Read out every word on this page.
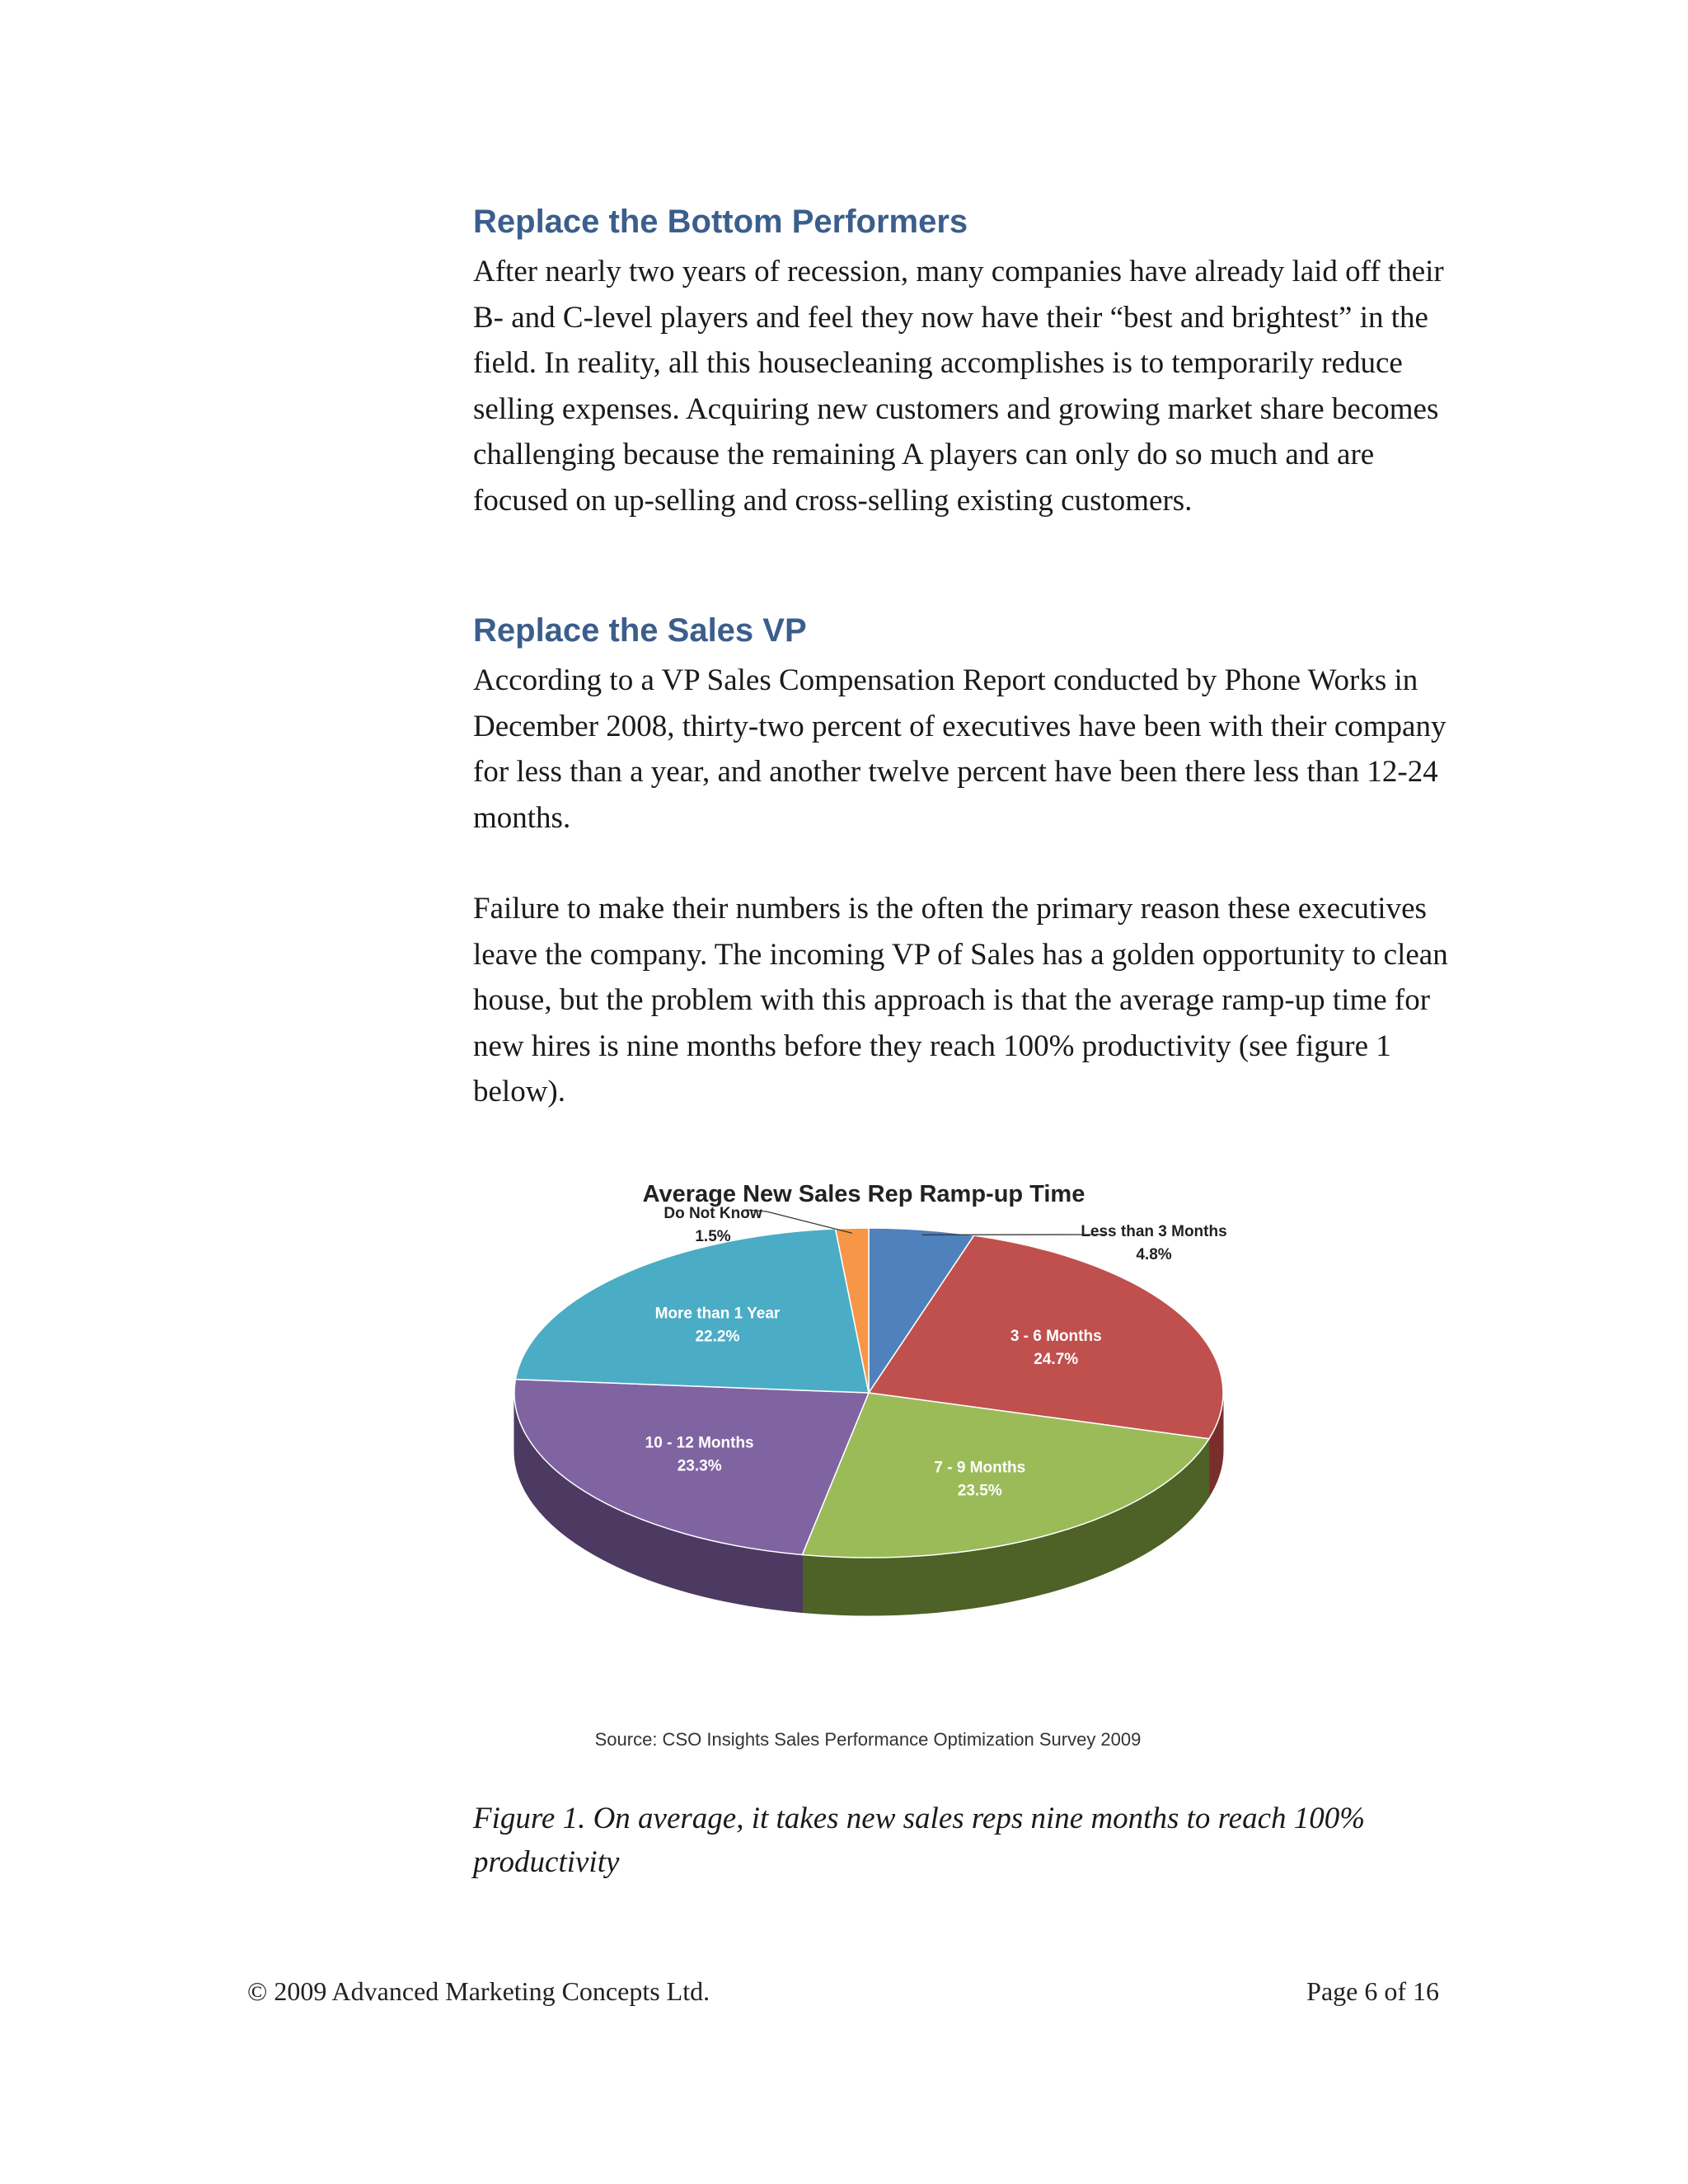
Replace the Bottom Performers

After nearly two years of recession, many companies have already laid off their B- and C-level players and feel they now have their “best and brightest” in the field. In reality, all this housecleaning accomplishes is to temporarily reduce selling expenses. Acquiring new customers and growing market share becomes challenging because the remaining A players can only do so much and are focused on up-selling and cross-selling existing customers.

Replace the Sales VP

According to a VP Sales Compensation Report conducted by Phone Works in December 2008, thirty-two percent of executives have been with their company for less than a year, and another twelve percent have been there less than 12-24 months.

Failure to make their numbers is the often the primary reason these executives leave the company. The incoming VP of Sales has a golden opportunity to clean house, but the problem with this approach is that the average ramp-up time for new hires is nine months before they reach 100% productivity (see figure 1 below).

Average New Sales Rep Ramp-up Time
Less than 3 Months
4.8%
3 - 6 Months
24.7%
7 - 9 Months
23.5%
10 - 12 Months
23.3%
More than 1 Year
22.2%
Do Not Know
1.5%
Source: CSO Insights Sales Performance Optimization Survey 2009

Figure 1. On average, it takes new sales reps nine months to reach 100% productivity

© 2009 Advanced Marketing Concepts Ltd.	Page 6 of 16
